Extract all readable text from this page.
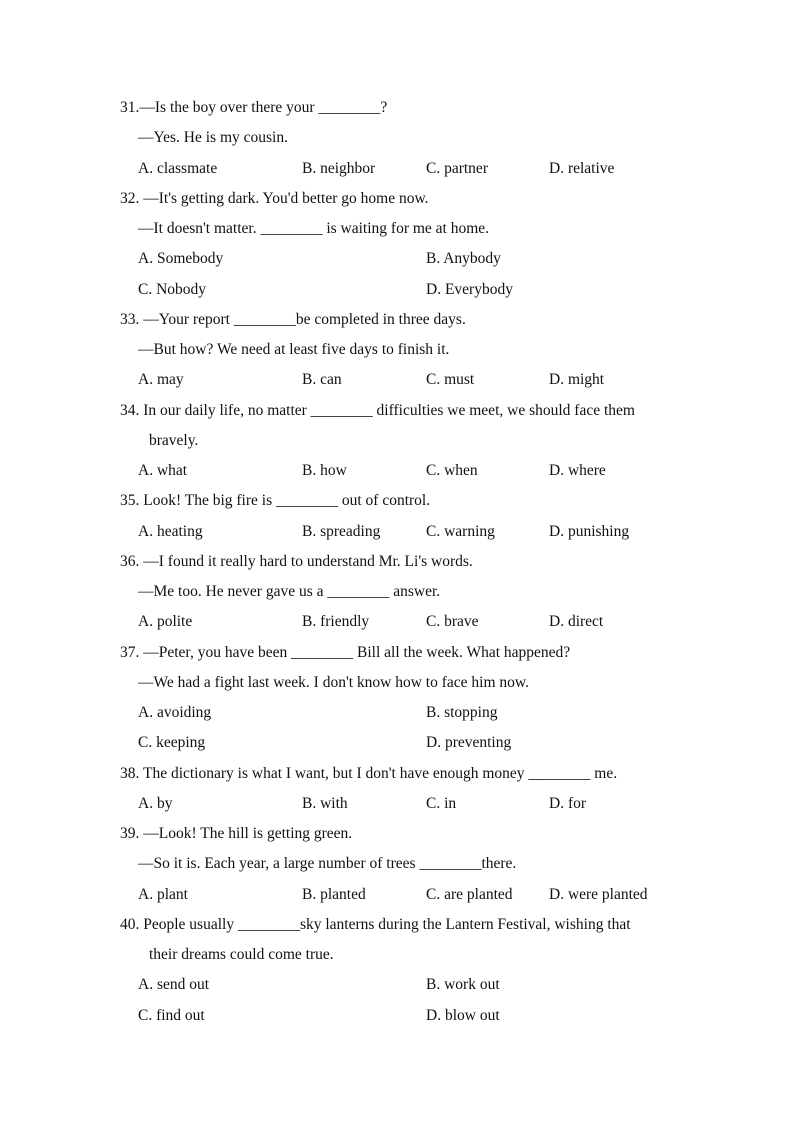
31.—Is the boy over there your ________?
—Yes. He is my cousin.
A. classmate	B. neighbor	C. partner	D. relative
32. —It's getting dark. You'd better go home now.
—It doesn't matter. ________ is waiting for me at home.
A. Somebody	B. Anybody
C. Nobody	D. Everybody
33. —Your report ________be completed in three days.
—But how? We need at least five days to finish it.
A. may	B. can	C. must	D. might
34. In our daily life, no matter ________ difficulties we meet, we should face them
bravely.
A. what	B. how	C. when	D. where
35. Look! The big fire is ________ out of control.
A. heating	B. spreading	C. warning	D. punishing
36. —I found it really hard to understand Mr. Li's words.
—Me too. He never gave us a ________ answer.
A. polite	B. friendly	C. brave	D. direct
37. —Peter, you have been ________ Bill all the week. What happened?
—We had a fight last week. I don't know how to face him now.
A. avoiding	B. stopping
C. keeping	D. preventing
38. The dictionary is what I want, but I don't have enough money ________ me.
A. by	B. with	C. in	D. for
39. —Look! The hill is getting green.
—So it is. Each year, a large number of trees ________there.
A. plant	B. planted	C. are planted D. were planted
40. People usually ________sky lanterns during the Lantern Festival, wishing that
their dreams could come true.
A. send out	B. work out
C. find out	D. blow out
